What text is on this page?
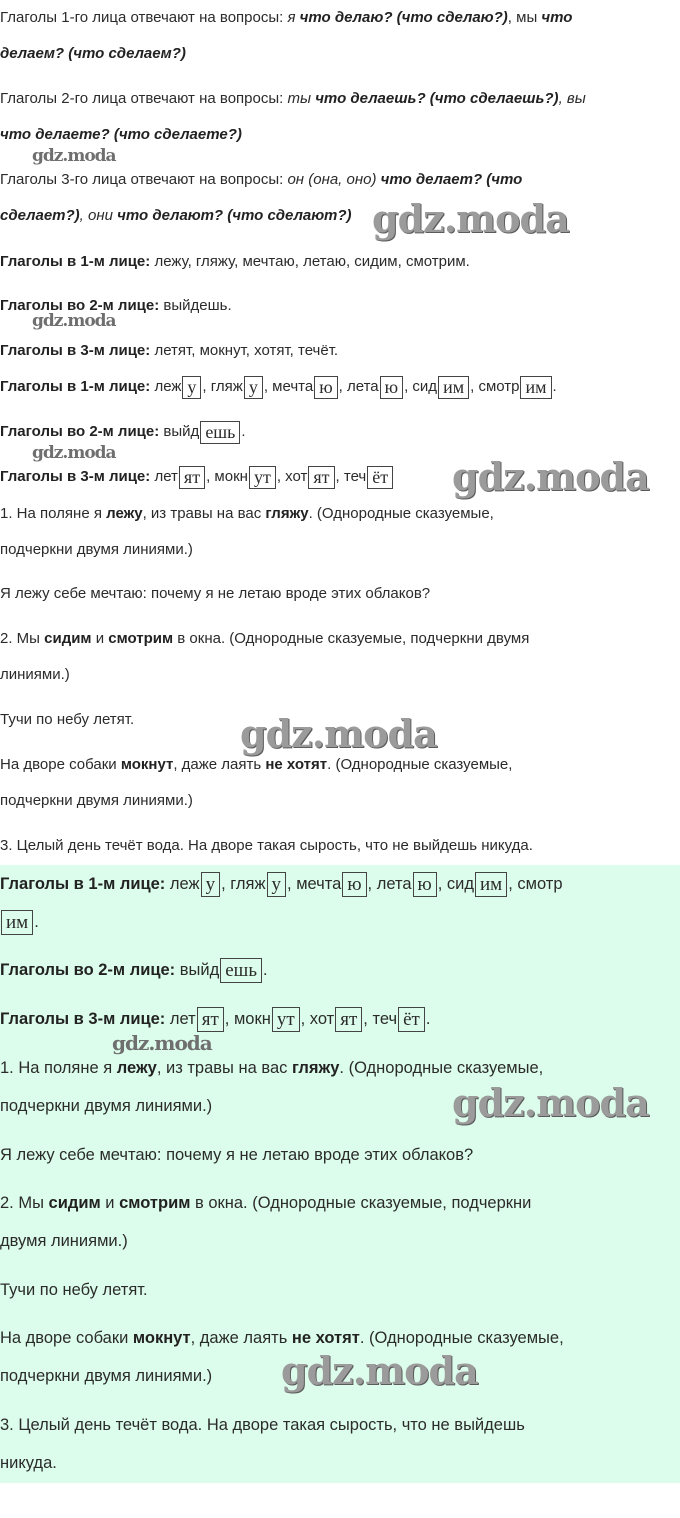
Глаголы 1-го лица отвечают на вопросы: я что делаю? (что сделаю?), мы что

делаем? (что сделаем?)

Глаголы 2-го лица отвечают на вопросы: ты что делаешь? (что сделаешь?), вы

что делаете? (что сделаете?)

Глаголы 3-го лица отвечают на вопросы: он (она, оно) что делает? (что

сделает?), они что делают? (что сделают?)

Глаголы в 1-м лице: лежу, гляжу, мечтаю, летаю, сидим, смотрим.

Глаголы во 2-м лице: выйдешь.

Глаголы в 3-м лице: летят, мокнут, хотят, течёт.

Глаголы в 1-м лице: леж у , гляж у , мечта ю , лета ю , сид им , смотр им .

Глаголы во 2-м лице: выйд ешь .

Глаголы в 3-м лице: лет ят , мокн ут , хот ят , теч ёт

1. На поляне я лежу, из травы на вас гляжу. (Однородные сказуемые,

подчеркни двумя линиями.)

Я лежу себе мечтаю: почему я не летаю вроде этих облаков?

2. Мы сидим и смотрим в окна. (Однородные сказуемые, подчеркни двумя

линиями.)

Тучи по небу летят.

На дворе собаки мокнут, даже лаять не хотят. (Однородные сказуемые,

подчеркни двумя линиями.)

3. Целый день течёт вода. На дворе такая сырость, что не выйдешь никуда.

Глаголы в 1-м лице: леж у , гляж у , мечта ю , лета ю , сид им , смотр

им .

Глаголы во 2-м лице: выйд ешь .

Глаголы в 3-м лице: лет ят , мокн ут , хот ят , теч ёт .

1. На поляне я лежу, из травы на вас гляжу. (Однородные сказуемые,

подчеркни двумя линиями.)

Я лежу себе мечтаю: почему я не летаю вроде этих облаков?

2. Мы сидим и смотрим в окна. (Однородные сказуемые, подчеркни

двумя линиями.)

Тучи по небу летят.

На дворе собаки мокнут, даже лаять не хотят. (Однородные сказуемые,

подчеркни двумя линиями.)

3. Целый день течёт вода. На дворе такая сырость, что не выйдешь

никуда.

gdz.moda

gdz.moda

gdz.moda

gdz.moda

gdz.moda

gdz.moda

gdz.moda

gdz.moda

gdz.moda
